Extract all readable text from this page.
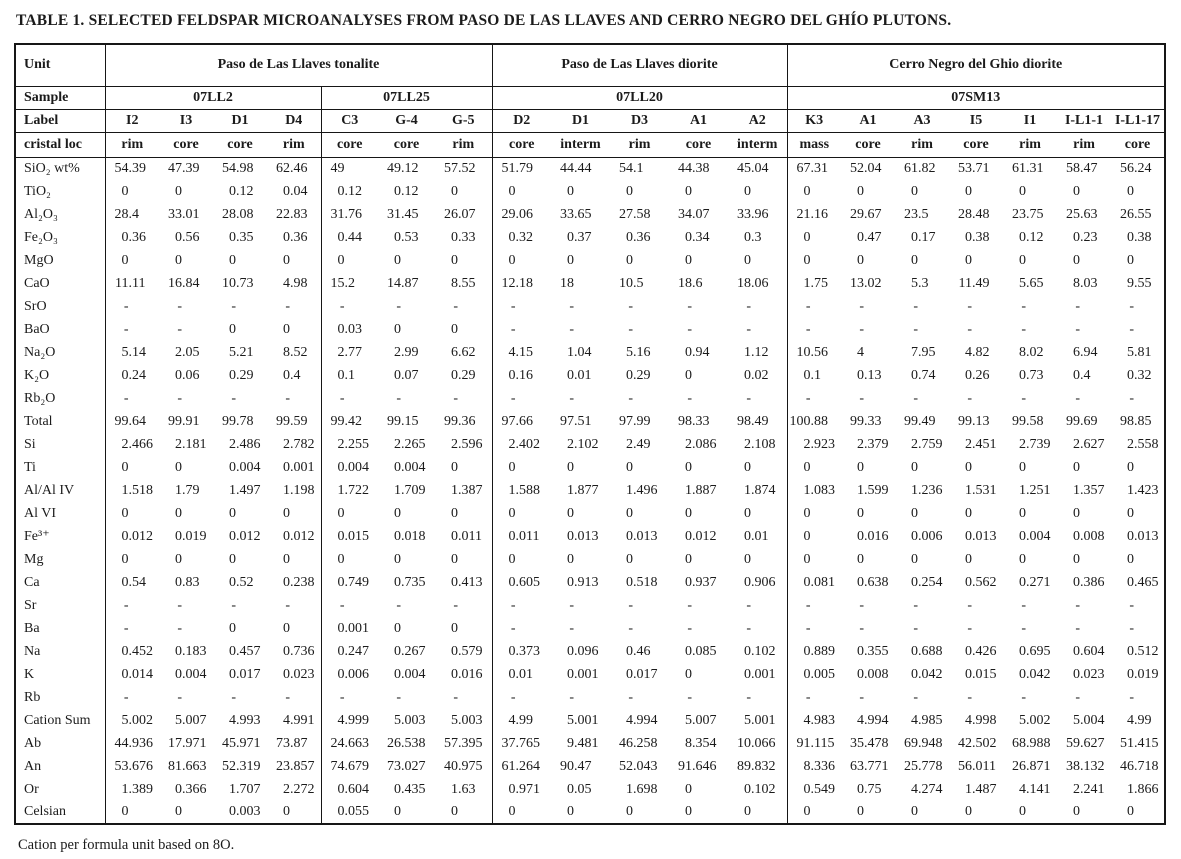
TABLE 1. SELECTED FELDSPAR MICROANALYSES FROM PASO DE LAS LLAVES AND CERRO NEGRO DEL GHÍO PLUTONS.
Unit	Paso de Las Llaves tonalite							Paso de Las Llaves diorite					Cerro Negro del Ghio diorite						
Sample	07LL2				07LL25			07LL20					07SM13						
Label	I2	I3	D1	D4	C3	G-4	G-5	D2	D1	D3	A1	A2	K3	A1	A3	I5	I1	I-L1-1	I-L1-17
cristal loc	rim	core	core	rim	core	core	rim	core	interm	rim	core	interm	mass	core	rim	core	rim	rim	core
SiO₂ wt%	54.39	47.39	54.98	62.46	49	49.12	57.52	51.79	44.44	54.1	44.38	45.04	67.31	52.04	61.82	53.71	61.31	58.47	56.24
TiO₂	0	0	0.12	0.04	0.12	0.12	0	0	0	0	0	0	0	0	0	0	0	0	0
Al₂O₃	28.4	33.01	28.08	22.83	31.76	31.45	26.07	29.06	33.65	27.58	34.07	33.96	21.16	29.67	23.5	28.48	23.75	25.63	26.55
Fe₂O₃	0.36	0.56	0.35	0.36	0.44	0.53	0.33	0.32	0.37	0.36	0.34	0.3	0	0.47	0.17	0.38	0.12	0.23	0.38
MgO	0	0	0	0	0	0	0	0	0	0	0	0	0	0	0	0	0	0	0
CaO	11.11	16.84	10.73	4.98	15.2	14.87	8.55	12.18	18	10.5	18.6	18.06	1.75	13.02	5.3	11.49	5.65	8.03	9.55
SrO	-	-	-	-	-	-	-	-	-	-	-	-	-	-	-	-	-	-	-
BaO	-	-	0	0	0.03	0	0	-	-	-	-	-	-	-	-	-	-	-	-
Na₂O	5.14	2.05	5.21	8.52	2.77	2.99	6.62	4.15	1.04	5.16	0.94	1.12	10.56	4	7.95	4.82	8.02	6.94	5.81
K₂O	0.24	0.06	0.29	0.4	0.1	0.07	0.29	0.16	0.01	0.29	0	0.02	0.1	0.13	0.74	0.26	0.73	0.4	0.32
Rb₂O	-	-	-	-	-	-	-	-	-	-	-	-	-	-	-	-	-	-	-
Total	99.64	99.91	99.78	99.59	99.42	99.15	99.36	97.66	97.51	97.99	98.33	98.49	100.88	99.33	99.49	99.13	99.58	99.69	98.85
Si	2.466	2.181	2.486	2.782	2.255	2.265	2.596	2.402	2.102	2.49	2.086	2.108	2.923	2.379	2.759	2.451	2.739	2.627	2.558
Ti	0	0	0.004	0.001	0.004	0.004	0	0	0	0	0	0	0	0	0	0	0	0	0
Al/Al IV	1.518	1.79	1.497	1.198	1.722	1.709	1.387	1.588	1.877	1.496	1.887	1.874	1.083	1.599	1.236	1.531	1.251	1.357	1.423
Al VI	0	0	0	0	0	0	0	0	0	0	0	0	0	0	0	0	0	0	0
Fe³⁺	0.012	0.019	0.012	0.012	0.015	0.018	0.011	0.011	0.013	0.013	0.012	0.01	0	0.016	0.006	0.013	0.004	0.008	0.013
Mg	0	0	0	0	0	0	0	0	0	0	0	0	0	0	0	0	0	0	0
Ca	0.54	0.83	0.52	0.238	0.749	0.735	0.413	0.605	0.913	0.518	0.937	0.906	0.081	0.638	0.254	0.562	0.271	0.386	0.465
Sr	-	-	-	-	-	-	-	-	-	-	-	-	-	-	-	-	-	-	-
Ba	-	-	0	0	0.001	0	0	-	-	-	-	-	-	-	-	-	-	-	-
Na	0.452	0.183	0.457	0.736	0.247	0.267	0.579	0.373	0.096	0.46	0.085	0.102	0.889	0.355	0.688	0.426	0.695	0.604	0.512
K	0.014	0.004	0.017	0.023	0.006	0.004	0.016	0.01	0.001	0.017	0	0.001	0.005	0.008	0.042	0.015	0.042	0.023	0.019
Rb	-	-	-	-	-	-	-	-	-	-	-	-	-	-	-	-	-	-	-
Cation Sum	5.002	5.007	4.993	4.991	4.999	5.003	5.003	4.99	5.001	4.994	5.007	5.001	4.983	4.994	4.985	4.998	5.002	5.004	4.99
Ab	44.936	17.971	45.971	73.87	24.663	26.538	57.395	37.765	9.481	46.258	8.354	10.066	91.115	35.478	69.948	42.502	68.988	59.627	51.415
An	53.676	81.663	52.319	23.857	74.679	73.027	40.975	61.264	90.47	52.043	91.646	89.832	8.336	63.771	25.778	56.011	26.871	38.132	46.718
Or	1.389	0.366	1.707	2.272	0.604	0.435	1.63	0.971	0.05	1.698	0	0.102	0.549	0.75	4.274	1.487	4.141	2.241	1.866
Celsian	0	0	0.003	0	0.055	0	0	0	0	0	0	0	0	0	0	0	0	0	0
Cation per formula unit based on 8O.
